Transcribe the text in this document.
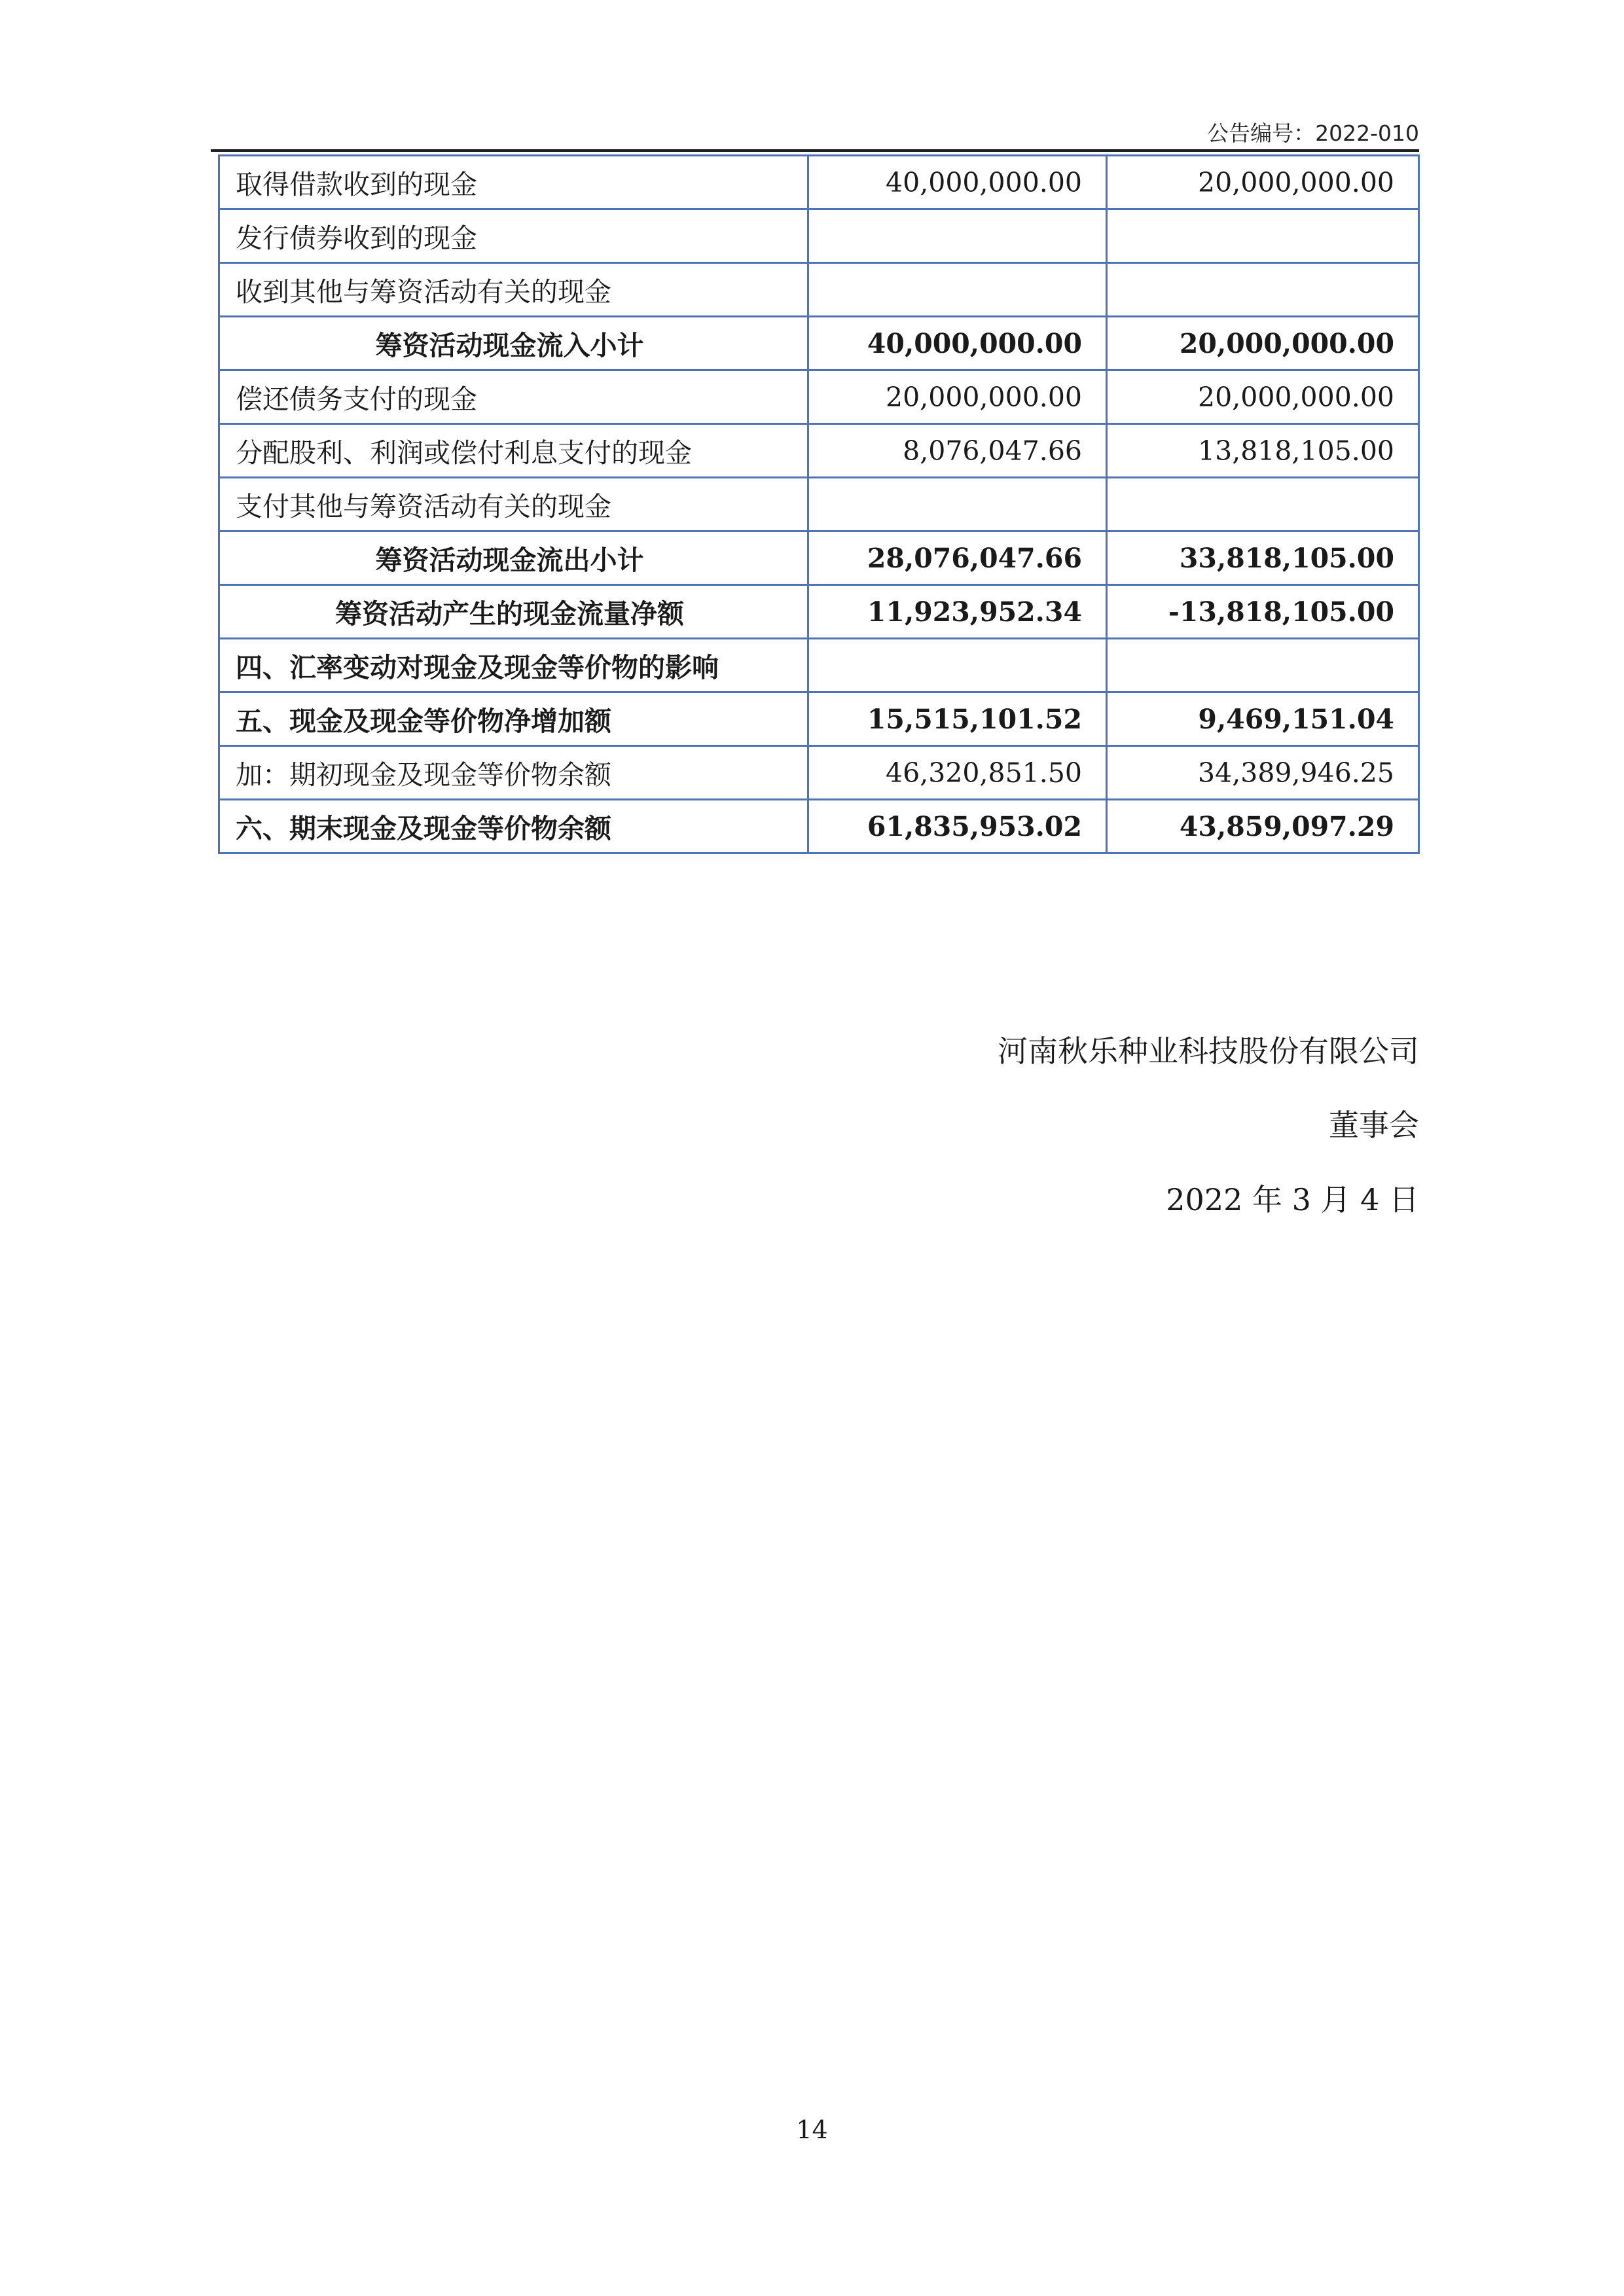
公告编号：2022-010
取得借款收到的现金	40,000,000.00	20,000,000.00
发行债券收到的现金		
收到其他与筹资活动有关的现金		
筹资活动现金流入小计	40,000,000.00	20,000,000.00
偿还债务支付的现金	20,000,000.00	20,000,000.00
分配股利、利润或偿付利息支付的现金	8,076,047.66	13,818,105.00
支付其他与筹资活动有关的现金		
筹资活动现金流出小计	28,076,047.66	33,818,105.00
筹资活动产生的现金流量净额	11,923,952.34	-13,818,105.00
四、汇率变动对现金及现金等价物的影响		
五、现金及现金等价物净增加额	15,515,101.52	9,469,151.04
加：期初现金及现金等价物余额	46,320,851.50	34,389,946.25
六、期末现金及现金等价物余额	61,835,953.02	43,859,097.29
河南秋乐种业科技股份有限公司
董事会
2022 年 3 月 4 日
14
